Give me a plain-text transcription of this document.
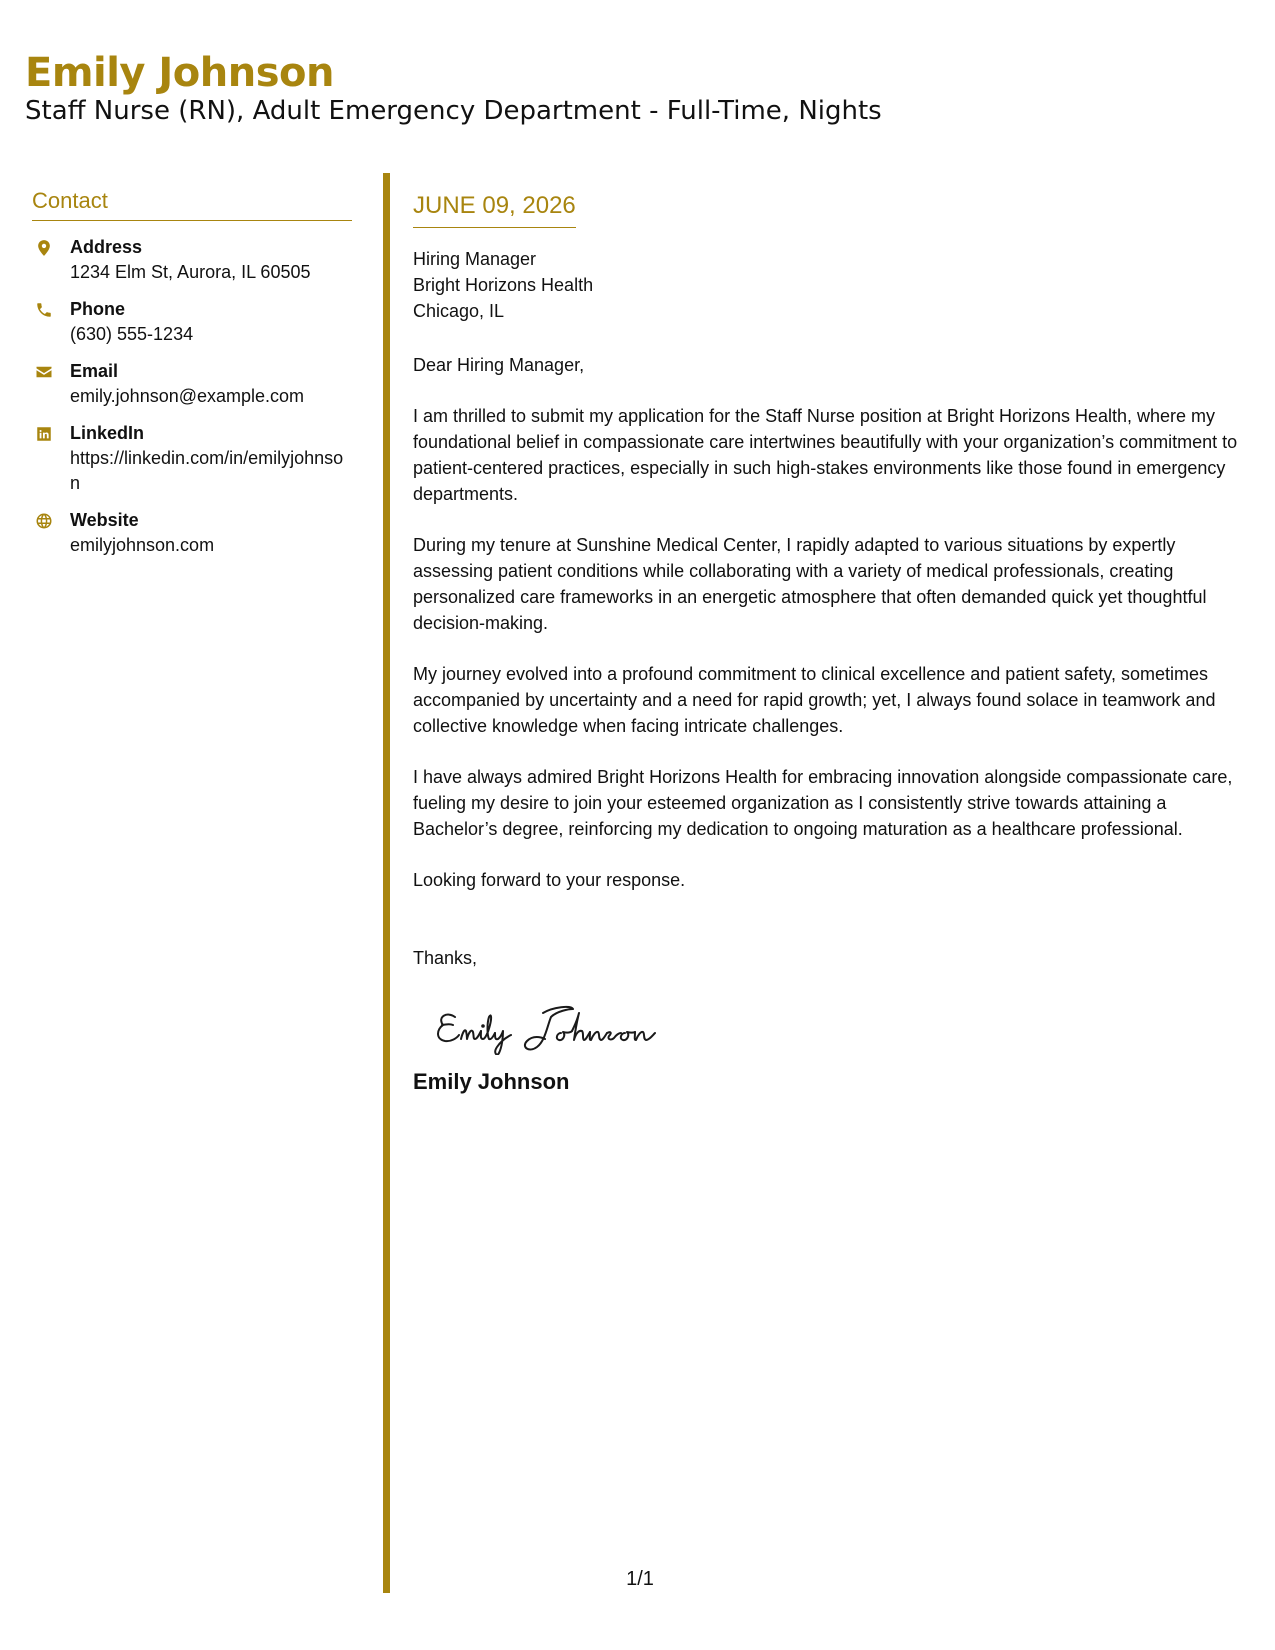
Emily Johnson
Staff Nurse (RN), Adult Emergency Department - Full-Time, Nights
Contact
Address
1234 Elm St, Aurora, IL 60505
Phone
(630) 555-1234
Email
emily.johnson@example.com
LinkedIn
https://linkedin.com/in/emilyjohnson
Website
emilyjohnson.com
JUNE 09, 2026
Hiring Manager
Bright Horizons Health
Chicago, IL
Dear Hiring Manager,
I am thrilled to submit my application for the Staff Nurse position at Bright Horizons Health, where my foundational belief in compassionate care intertwines beautifully with your organization’s commitment to patient-centered practices, especially in such high-stakes environments like those found in emergency departments.
During my tenure at Sunshine Medical Center, I rapidly adapted to various situations by expertly assessing patient conditions while collaborating with a variety of medical professionals, creating personalized care frameworks in an energetic atmosphere that often demanded quick yet thoughtful decision-making.
My journey evolved into a profound commitment to clinical excellence and patient safety, sometimes accompanied by uncertainty and a need for rapid growth; yet, I always found solace in teamwork and collective knowledge when facing intricate challenges.
I have always admired Bright Horizons Health for embracing innovation alongside compassionate care, fueling my desire to join your esteemed organization as I consistently strive towards attaining a Bachelor’s degree, reinforcing my dedication to ongoing maturation as a healthcare professional.
Looking forward to your response.
Thanks,
Emily Johnson
1/1
